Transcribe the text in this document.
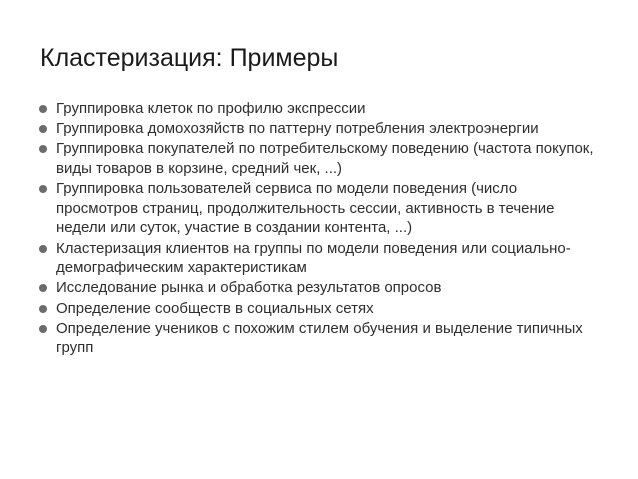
Кластеризация: Примеры
Группировка клеток по профилю экспрессии
Группировка домохозяйств по паттерну потребления электроэнергии
Группировка покупателей по потребительскому поведению (частота покупок, виды товаров в корзине, средний чек, ...)
Группировка пользователей сервиса по модели поведения (число просмотров страниц, продолжительность сессии, активность в течение недели или суток, участие в создании контента, ...)
Кластеризация клиентов на группы по модели поведения или социально-демографическим характеристикам
Исследование рынка и обработка результатов опросов
Определение сообществ в социальных сетях
Определение учеников с похожим стилем обучения и выделение типичных групп
